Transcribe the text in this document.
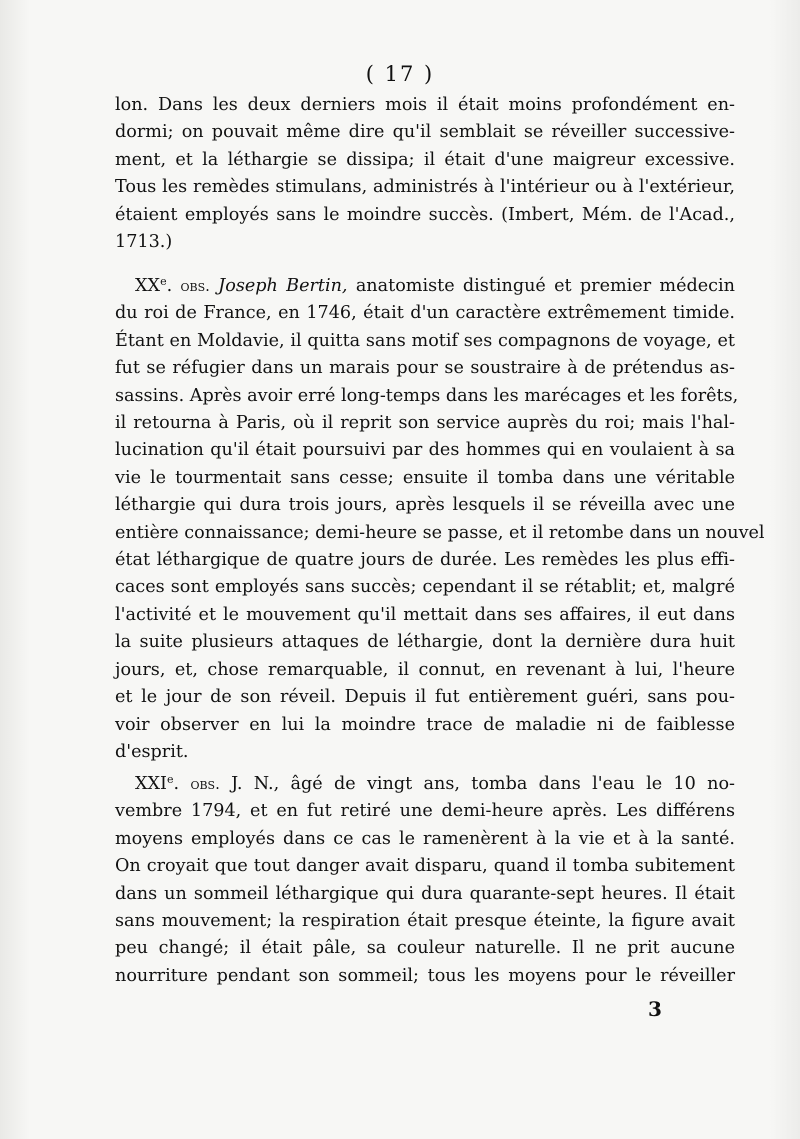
( 17 )
lon. Dans les deux derniers mois il était moins profondément en-
dormi; on pouvait même dire qu'il semblait se réveiller successive-
ment, et la léthargie se dissipa; il était d'une maigreur excessive.
Tous les remèdes stimulans, administrés à l'intérieur ou à l'extérieur,
étaient employés sans le moindre succès. (Imbert, Mém. de l'Acad.,
1713.)
XXe. obs. Joseph Bertin, anatomiste distingué et premier médecin
du roi de France, en 1746, était d'un caractère extrêmement timide.
Étant en Moldavie, il quitta sans motif ses compagnons de voyage, et
fut se réfugier dans un marais pour se soustraire à de prétendus as-
sassins. Après avoir erré long-temps dans les marécages et les forêts,
il retourna à Paris, où il reprit son service auprès du roi; mais l'hal-
lucination qu'il était poursuivi par des hommes qui en voulaient à sa
vie le tourmentait sans cesse; ensuite il tomba dans une véritable
léthargie qui dura trois jours, après lesquels il se réveilla avec une
entière connaissance; demi-heure se passe, et il retombe dans un nouvel
état léthargique de quatre jours de durée. Les remèdes les plus effi-
caces sont employés sans succès; cependant il se rétablit; et, malgré
l'activité et le mouvement qu'il mettait dans ses affaires, il eut dans
la suite plusieurs attaques de léthargie, dont la dernière dura huit
jours, et, chose remarquable, il connut, en revenant à lui, l'heure
et le jour de son réveil. Depuis il fut entièrement guéri, sans pou-
voir observer en lui la moindre trace de maladie ni de faiblesse
d'esprit.
XXIe. obs. J. N., âgé de vingt ans, tomba dans l'eau le 10 no-
vembre 1794, et en fut retiré une demi-heure après. Les différens
moyens employés dans ce cas le ramenèrent à la vie et à la santé.
On croyait que tout danger avait disparu, quand il tomba subitement
dans un sommeil léthargique qui dura quarante-sept heures. Il était
sans mouvement; la respiration était presque éteinte, la figure avait
peu changé; il était pâle, sa couleur naturelle. Il ne prit aucune
nourriture pendant son sommeil; tous les moyens pour le réveiller
3
